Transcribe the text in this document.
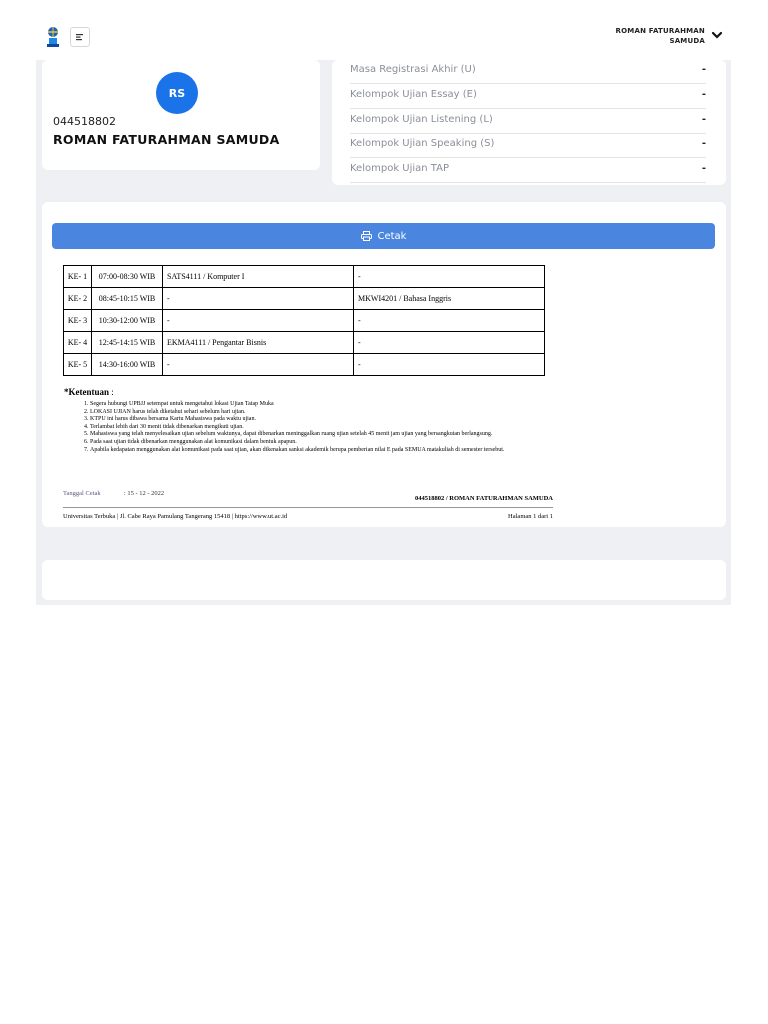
ROMAN FATURAHMAN
SAMUDA
RS
044518802
ROMAN FATURAHMAN SAMUDA
Masa Registrasi Akhir (U)	-
Kelompok Ujian Essay (E)	-
Kelompok Ujian Listening (L)	-
Kelompok Ujian Speaking (S)	-
Kelompok Ujian TAP	-
Cetak
KE- 1	07:00-08:30 WIB	SATS4111 / Komputer I	-
KE- 2	08:45-10:15 WIB	-	MKWI4201 / Bahasa Inggris
KE- 3	10:30-12:00 WIB	-	-
KE- 4	12:45-14:15 WIB	EKMA4111 / Pengantar Bisnis	-
KE- 5	14:30-16:00 WIB	-	-
*Ketentuan :
1. Segera hubungi UPBJJ setempat untuk mengetahui lokasi Ujian Tatap Muka
2. LOKASI UJIAN harus telah diketahui sehari sebelum hari ujian.
3. KTPU ini harus dibawa bersama Kartu Mahasiswa pada waktu ujian.
4. Terlambat lebih dari 30 menit tidak dibenarkan mengikuti ujian.
5. Mahasiswa yang telah menyelesaikan ujian sebelum waktunya, dapat dibenarkan meninggalkan ruang ujian setelah 45 menit jam ujian yang bersangkutan berlangsung.
6. Pada saat ujian tidak dibenarkan menggunakan alat komunikasi dalam bentuk apapun.
7. Apabila kedapatan menggunakan alat komunikasi pada saat ujian, akan dikenakan sanksi akademik berupa pemberian nilai E pada SEMUA matakuliah di semester tersebut.
Tanggal Cetak	: 15 - 12 - 2022
044518802 / ROMAN FATURAHMAN SAMUDA
Universitas Terbuka | Jl. Cabe Raya Pamulang Tangerang 15418 | https://www.ut.ac.id	Halaman 1 dari 1
